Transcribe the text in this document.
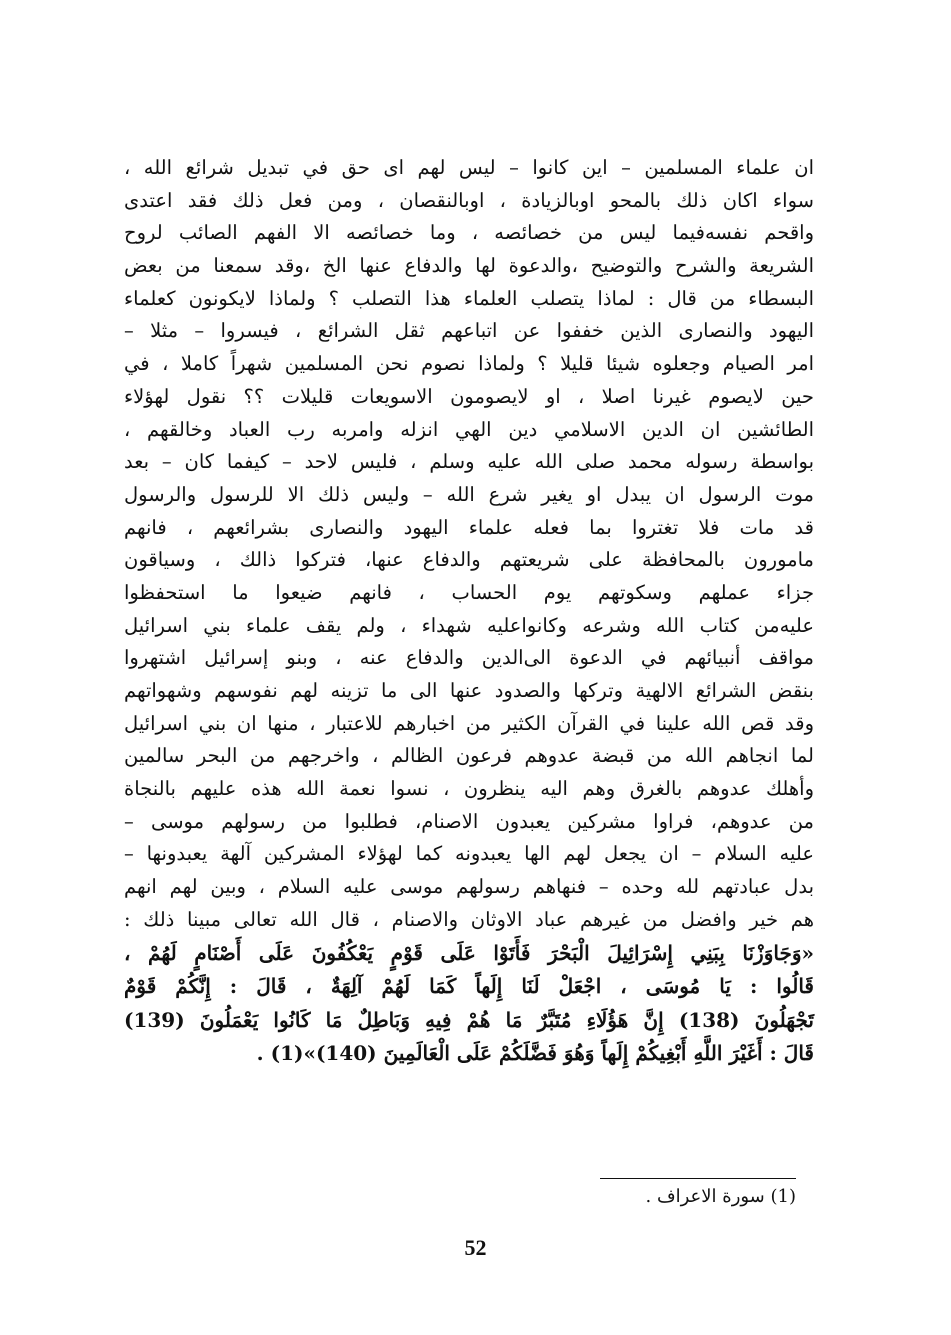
ان علماء المسلمين – اين كانوا – ليس لهم اى حق في تبديل شرائع الله ،
سواء اكان ذلك بالمحو اوبالزيادة ، اوبالنقصان ، ومن فعل ذلك فقد اعتدى
واقحم نفسه‌فيما ليس من خصائصه ، وما خصائصه الا الفهم الصائب لروح
الشريعة والشرح والتوضيح ،والدعوة لها والدفاع عنها الخ ،وقد سمعنا من بعض
البسطاء من قال : لماذا يتصلب العلماء هذا التصلب ؟ ولماذا لايكونون كعلماء
اليهود والنصارى الذين خففوا عن اتباعهم ثقل الشرائع ، فيسروا – مثلا –
امر الصيام وجعلوه شيئا قليلا ؟ ولماذا نصوم نحن المسلمين شهراً كاملا ، في
حين لايصوم غيرنا اصلا ، او لايصومون الاسويعات قليلات ؟؟ نقول لهؤلاء
الطائشين ان الدين الاسلامي دين الهي انزله وامربه رب العباد وخالقهم ،
بواسطة رسوله محمد صلى الله عليه وسلم ، فليس لاحد – كيفما كان – بعد
موت الرسول ان يبدل او يغير شرع الله – وليس ذلك الا للرسول والرسول
قد مات فلا تغتروا بما فعله علماء اليهود والنصارى بشرائعهم ، فانهم
مامورون بالمحافظة على شريعتهم والدفاع عنها، فتركوا ذالك ، وسياقون
جزاء عملهم وسكوتهم يوم الحساب ، فانهم ضيعوا ما استحفظوا
عليه‌من كتاب الله وشرعه وكانواعليه شهداء ، ولم يقف علماء بني اسرائيل
مواقف أنبيائهم في الدعوة الى‌الدين والدفاع عنه ، وبنو إسرائيل اشتهروا
بنقض الشرائع الالهية وتركها والصدود عنها الى ما تزينه لهم نفوسهم وشهواتهم
وقد قص الله علينا في القرآن الكثير من اخبارهم للاعتبار ، منها ان بني اسرائيل
لما انجاهم الله من قبضة عدوهم فرعون الظالم ، واخرجهم من البحر سالمين
وأهلك عدوهم بالغرق وهم اليه ينظرون ، نسوا نعمة الله هذه عليهم بالنجاة
من عدوهم، فراوا مشركين يعبدون الاصنام، فطلبوا من رسولهم موسى –
عليه السلام – ان يجعل لهم الها يعبدونه كما لهؤلاء المشركين آلهة يعبدونها –
بدل عبادتهم لله وحده – فنهاهم رسولهم موسى عليه السلام ، وبين لهم انهم
هم خير وافضل من غيرهم عباد الاوثان والاصنام ، قال الله تعالى مبينا ذلك :
«وَجَاوَزْنَا بِبَنِي إِسْرَائِيلَ الْبَحْرَ فَأَتَوْا عَلَى قَوْمٍ يَعْكُفُونَ عَلَى أَصْنَامٍ لَهُمْ ،
قَالُوا : يَا مُوسَى ، اجْعَلْ لَنَا إِلَهاً كَمَا لَهُمْ آلِهَةٌ ، قَالَ : إِنَّكُمْ قَوْمٌ
تَجْهَلُونَ (138) إِنَّ هَؤُلَاءِ مُتَبَّرٌ مَا هُمْ فِيهِ وَبَاطِلٌ مَا كَانُوا يَعْمَلُونَ (139)
قَالَ : أَغَيْرَ اللَّهِ أَبْغِيكُمْ إِلَهاً وَهُوَ فَضَّلَكُمْ عَلَى الْعَالَمِينَ (140)»(1) .
(1) سورة الاعراف .
52
